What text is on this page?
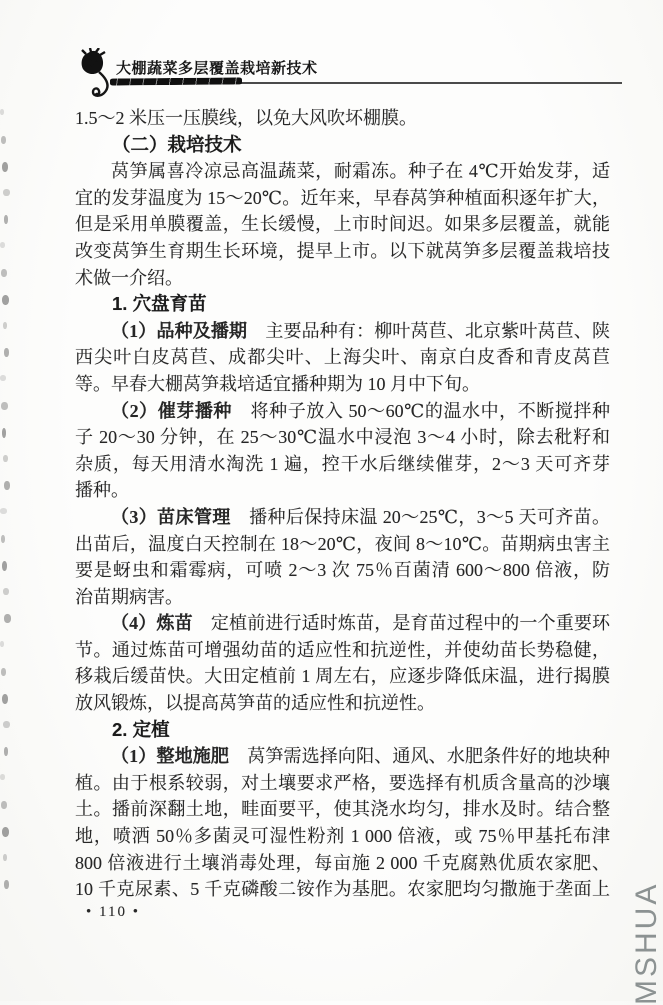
大棚蔬菜多层覆盖栽培新技术
1.5～2 米压一压膜线，以免大风吹坏棚膜。
（二）栽培技术
莴笋属喜冷凉忌高温蔬菜，耐霜冻。种子在 4℃开始发芽，适
宜的发芽温度为 15～20℃。近年来，早春莴笋种植面积逐年扩大，
但是采用单膜覆盖，生长缓慢，上市时间迟。如果多层覆盖，就能
改变莴笋生育期生长环境，提早上市。以下就莴笋多层覆盖栽培技
术做一介绍。
1. 穴盘育苗
（1）品种及播期　主要品种有：柳叶莴苣、北京紫叶莴苣、陕
西尖叶白皮莴苣、成都尖叶、上海尖叶、南京白皮香和青皮莴苣
等。早春大棚莴笋栽培适宜播种期为 10 月中下旬。
（2）催芽播种　将种子放入 50～60℃的温水中，不断搅拌种
子 20～30 分钟，在 25～30℃温水中浸泡 3～4 小时，除去秕籽和
杂质，每天用清水淘洗 1 遍，控干水后继续催芽，2～3 天可齐芽
播种。
（3）苗床管理　播种后保持床温 20～25℃，3～5 天可齐苗。
出苗后，温度白天控制在 18～20℃，夜间 8～10℃。苗期病虫害主
要是蚜虫和霜霉病，可喷 2～3 次 75％百菌清 600～800 倍液，防
治苗期病害。
（4）炼苗　定植前进行适时炼苗，是育苗过程中的一个重要环
节。通过炼苗可增强幼苗的适应性和抗逆性，并使幼苗长势稳健，
移栽后缓苗快。大田定植前 1 周左右，应逐步降低床温，进行揭膜
放风锻炼，以提高莴笋苗的适应性和抗逆性。
2. 定植
（1）整地施肥　莴笋需选择向阳、通风、水肥条件好的地块种
植。由于根系较弱，对土壤要求严格，要选择有机质含量高的沙壤
土。播前深翻土地，畦面要平，使其浇水均匀，排水及时。结合整
地，喷洒 50％多菌灵可湿性粉剂 1 000 倍液，或 75％甲基托布津
800 倍液进行土壤消毒处理，每亩施 2 000 千克腐熟优质农家肥、
10 千克尿素、5 千克磷酸二铵作为基肥。农家肥均匀撒施于垄面上
• 110 •	MSHUA
